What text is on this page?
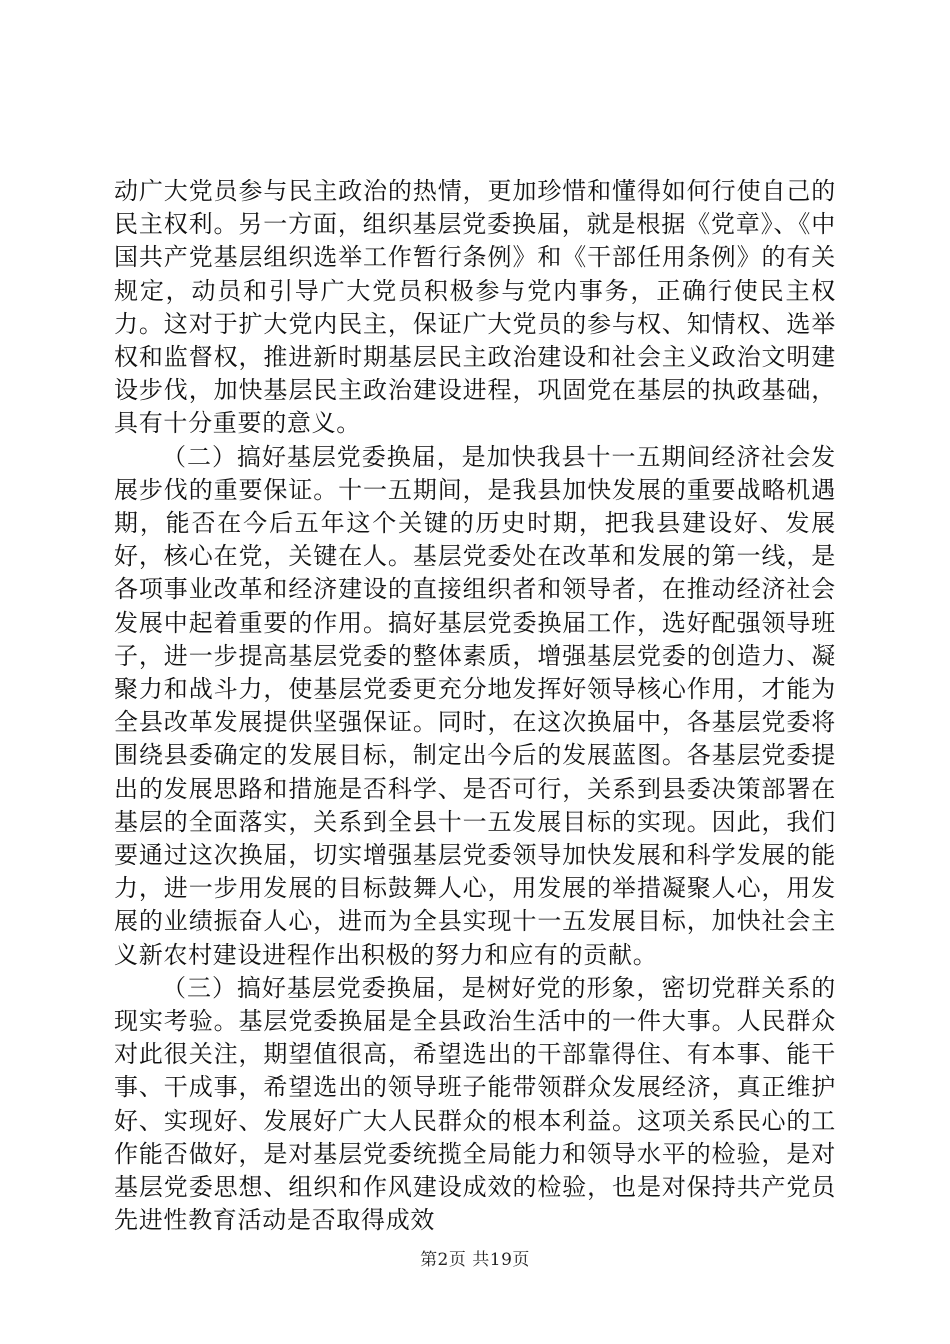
动广大党员参与民主政治的热情，更加珍惜和懂得如何行使自己的民主权利。另一方面，组织基层党委换届，就是根据《党章》、《中国共产党基层组织选举工作暂行条例》和《干部任用条例》的有关规定，动员和引导广大党员积极参与党内事务，正确行使民主权力。这对于扩大党内民主，保证广大党员的参与权、知情权、选举权和监督权，推进新时期基层民主政治建设和社会主义政治文明建设步伐，加快基层民主政治建设进程，巩固党在基层的执政基础，具有十分重要的意义。

（二）搞好基层党委换届，是加快我县十一五期间经济社会发展步伐的重要保证。十一五期间，是我县加快发展的重要战略机遇期，能否在今后五年这个关键的历史时期，把我县建设好、发展好，核心在党，关键在人。基层党委处在改革和发展的第一线，是各项事业改革和经济建设的直接组织者和领导者，在推动经济社会发展中起着重要的作用。搞好基层党委换届工作，选好配强领导班子，进一步提高基层党委的整体素质，增强基层党委的创造力、凝聚力和战斗力，使基层党委更充分地发挥好领导核心作用，才能为全县改革发展提供坚强保证。同时，在这次换届中，各基层党委将围绕县委确定的发展目标，制定出今后的发展蓝图。各基层党委提出的发展思路和措施是否科学、是否可行，关系到县委决策部署在基层的全面落实，关系到全县十一五发展目标的实现。因此，我们要通过这次换届，切实增强基层党委领导加快发展和科学发展的能力，进一步用发展的目标鼓舞人心，用发展的举措凝聚人心，用发展的业绩振奋人心，进而为全县实现十一五发展目标，加快社会主义新农村建设进程作出积极的努力和应有的贡献。

（三）搞好基层党委换届，是树好党的形象，密切党群关系的现实考验。基层党委换届是全县政治生活中的一件大事。人民群众对此很关注，期望值很高，希望选出的干部靠得住、有本事、能干事、干成事，希望选出的领导班子能带领群众发展经济，真正维护好、实现好、发展好广大人民群众的根本利益。这项关系民心的工作能否做好，是对基层党委统揽全局能力和领导水平的检验，是对基层党委思想、组织和作风建设成效的检验，也是对保持共产党员先进性教育活动是否取得成效

第2页 共19页
